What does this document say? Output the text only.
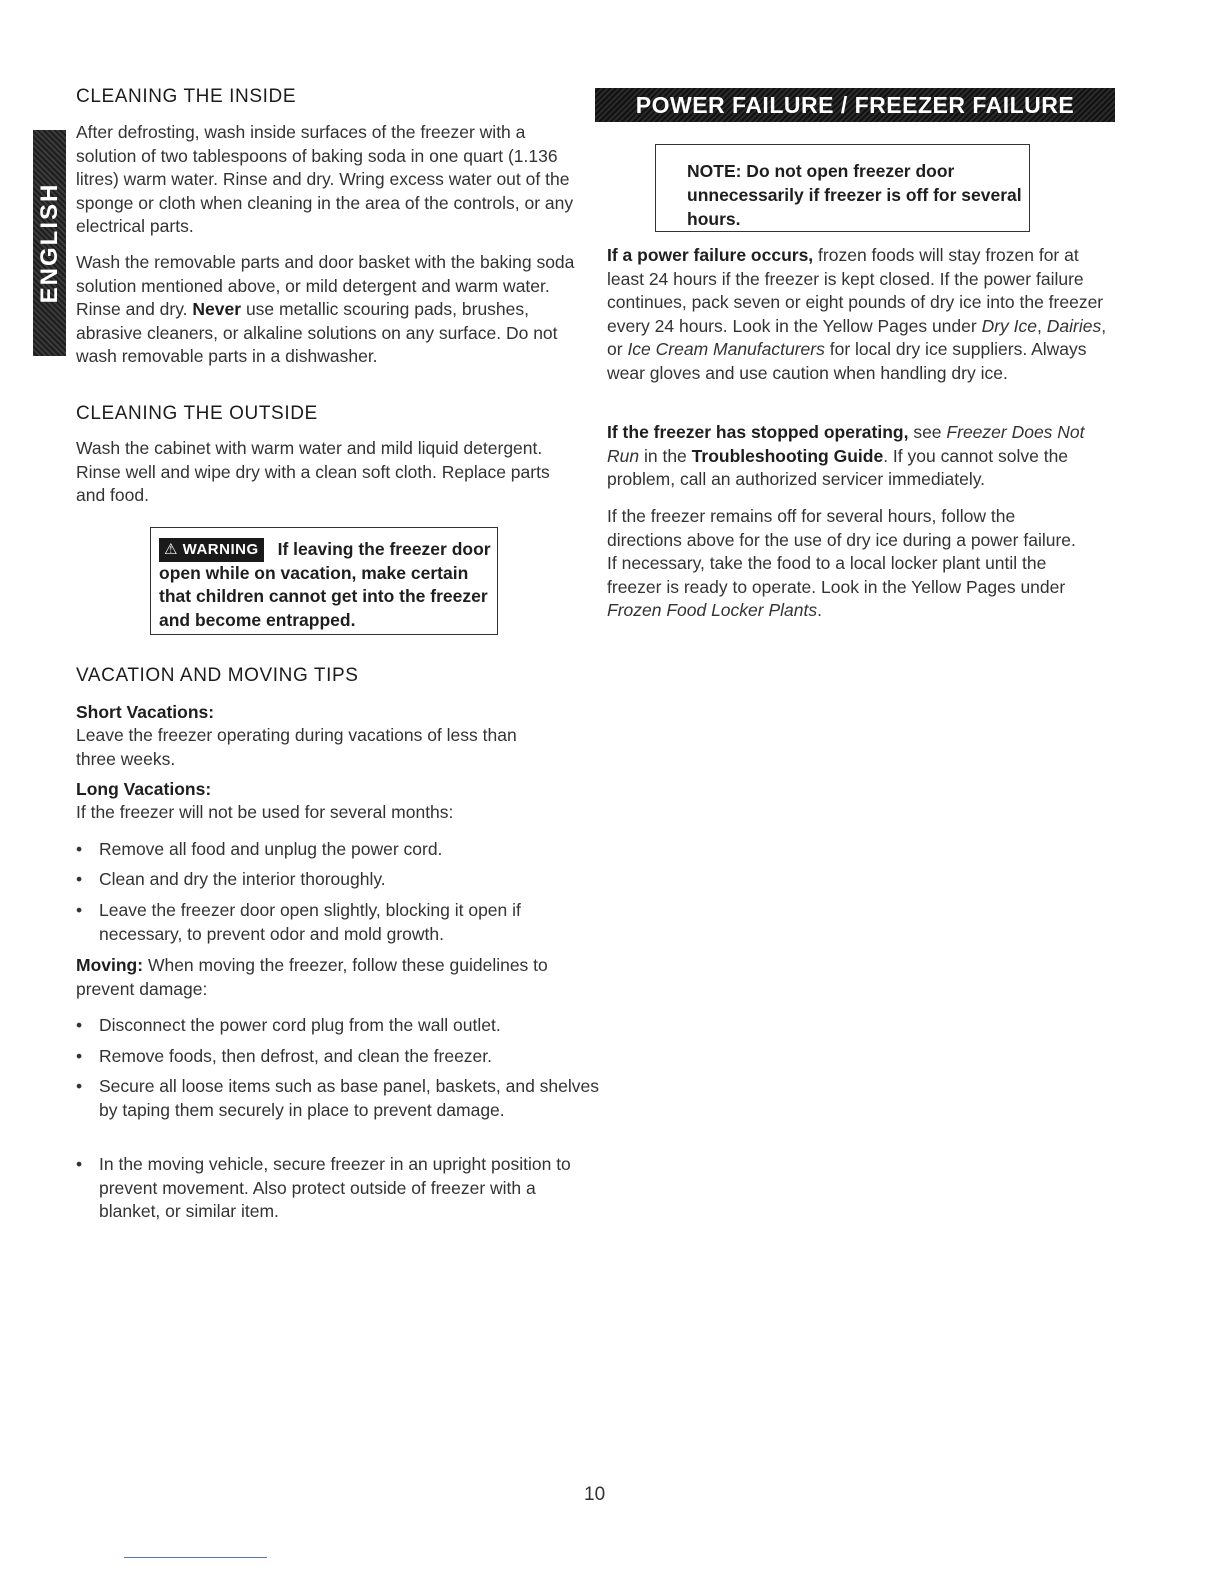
ENGLISH
CLEANING THE INSIDE
After defrosting, wash inside surfaces of the freezer with a solution of two tablespoons of baking soda in one quart (1.136 litres) warm water. Rinse and dry. Wring excess water out of the sponge or cloth when cleaning in the area of the controls, or any electrical parts.
Wash the removable parts and door basket with the baking soda solution mentioned above, or mild detergent and warm water. Rinse and dry. Never use metallic scouring pads, brushes, abrasive cleaners, or alkaline solutions on any surface. Do not wash removable parts in a dishwasher.
CLEANING THE OUTSIDE
Wash the cabinet with warm water and mild liquid detergent. Rinse well and wipe dry with a clean soft cloth. Replace parts and food.
⚠ WARNING If leaving the freezer door open while on vacation, make certain that children cannot get into the freezer and become entrapped.
VACATION AND MOVING TIPS
Short Vacations:
Leave the freezer operating during vacations of less than three weeks.
Long Vacations:
If the freezer will not be used for several months:
• Remove all food and unplug the power cord.
• Clean and dry the interior thoroughly.
• Leave the freezer door open slightly, blocking it open if necessary, to prevent odor and mold growth.
Moving: When moving the freezer, follow these guidelines to prevent damage:
• Disconnect the power cord plug from the wall outlet.
• Remove foods, then defrost, and clean the freezer.
• Secure all loose items such as base panel, baskets, and shelves by taping them securely in place to prevent damage.
• In the moving vehicle, secure freezer in an upright position to prevent movement. Also protect outside of freezer with a blanket, or similar item.
POWER FAILURE / FREEZER FAILURE
NOTE: Do not open freezer door unnecessarily if freezer is off for several hours.
If a power failure occurs, frozen foods will stay frozen for at least 24 hours if the freezer is kept closed. If the power failure continues, pack seven or eight pounds of dry ice into the freezer every 24 hours. Look in the Yellow Pages under Dry Ice, Dairies, or Ice Cream Manufacturers for local dry ice suppliers. Always wear gloves and use caution when handling dry ice.
If the freezer has stopped operating, see Freezer Does Not Run in the Troubleshooting Guide. If you cannot solve the problem, call an authorized servicer immediately.
If the freezer remains off for several hours, follow the directions above for the use of dry ice during a power failure. If necessary, take the food to a local locker plant until the freezer is ready to operate. Look in the Yellow Pages under Frozen Food Locker Plants.
10
